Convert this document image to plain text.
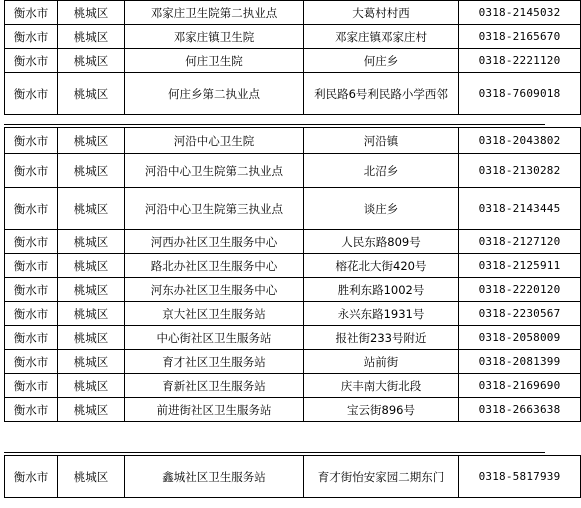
衡水市	桃城区	邓家庄卫生院第二执业点	大葛村村西	0318-2145032
衡水市	桃城区	邓家庄镇卫生院	邓家庄镇邓家庄村	0318-2165670
衡水市	桃城区	何庄卫生院	何庄乡	0318-2221120
衡水市	桃城区	何庄乡第二执业点	利民路6号利民路小学西邻	0318-7609018
衡水市	桃城区	河沿中心卫生院	河沿镇	0318-2043802
衡水市	桃城区	河沿中心卫生院第二执业点	北沼乡	0318-2130282
衡水市	桃城区	河沿中心卫生院第三执业点	谈庄乡	0318-2143445
衡水市	桃城区	河西办社区卫生服务中心	人民东路809号	0318-2127120
衡水市	桃城区	路北办社区卫生服务中心	榕花北大街420号	0318-2125911
衡水市	桃城区	河东办社区卫生服务中心	胜利东路1002号	0318-2220120
衡水市	桃城区	京大社区卫生服务站	永兴东路1931号	0318-2230567
衡水市	桃城区	中心街社区卫生服务站	报社街233号附近	0318-2058009
衡水市	桃城区	育才社区卫生服务站	站前街	0318-2081399
衡水市	桃城区	育新社区卫生服务站	庆丰南大街北段	0318-2169690
衡水市	桃城区	前进街社区卫生服务站	宝云街896号	0318-2663638
衡水市	桃城区	鑫城社区卫生服务站	育才街怡安家园二期东门	0318-5817939
